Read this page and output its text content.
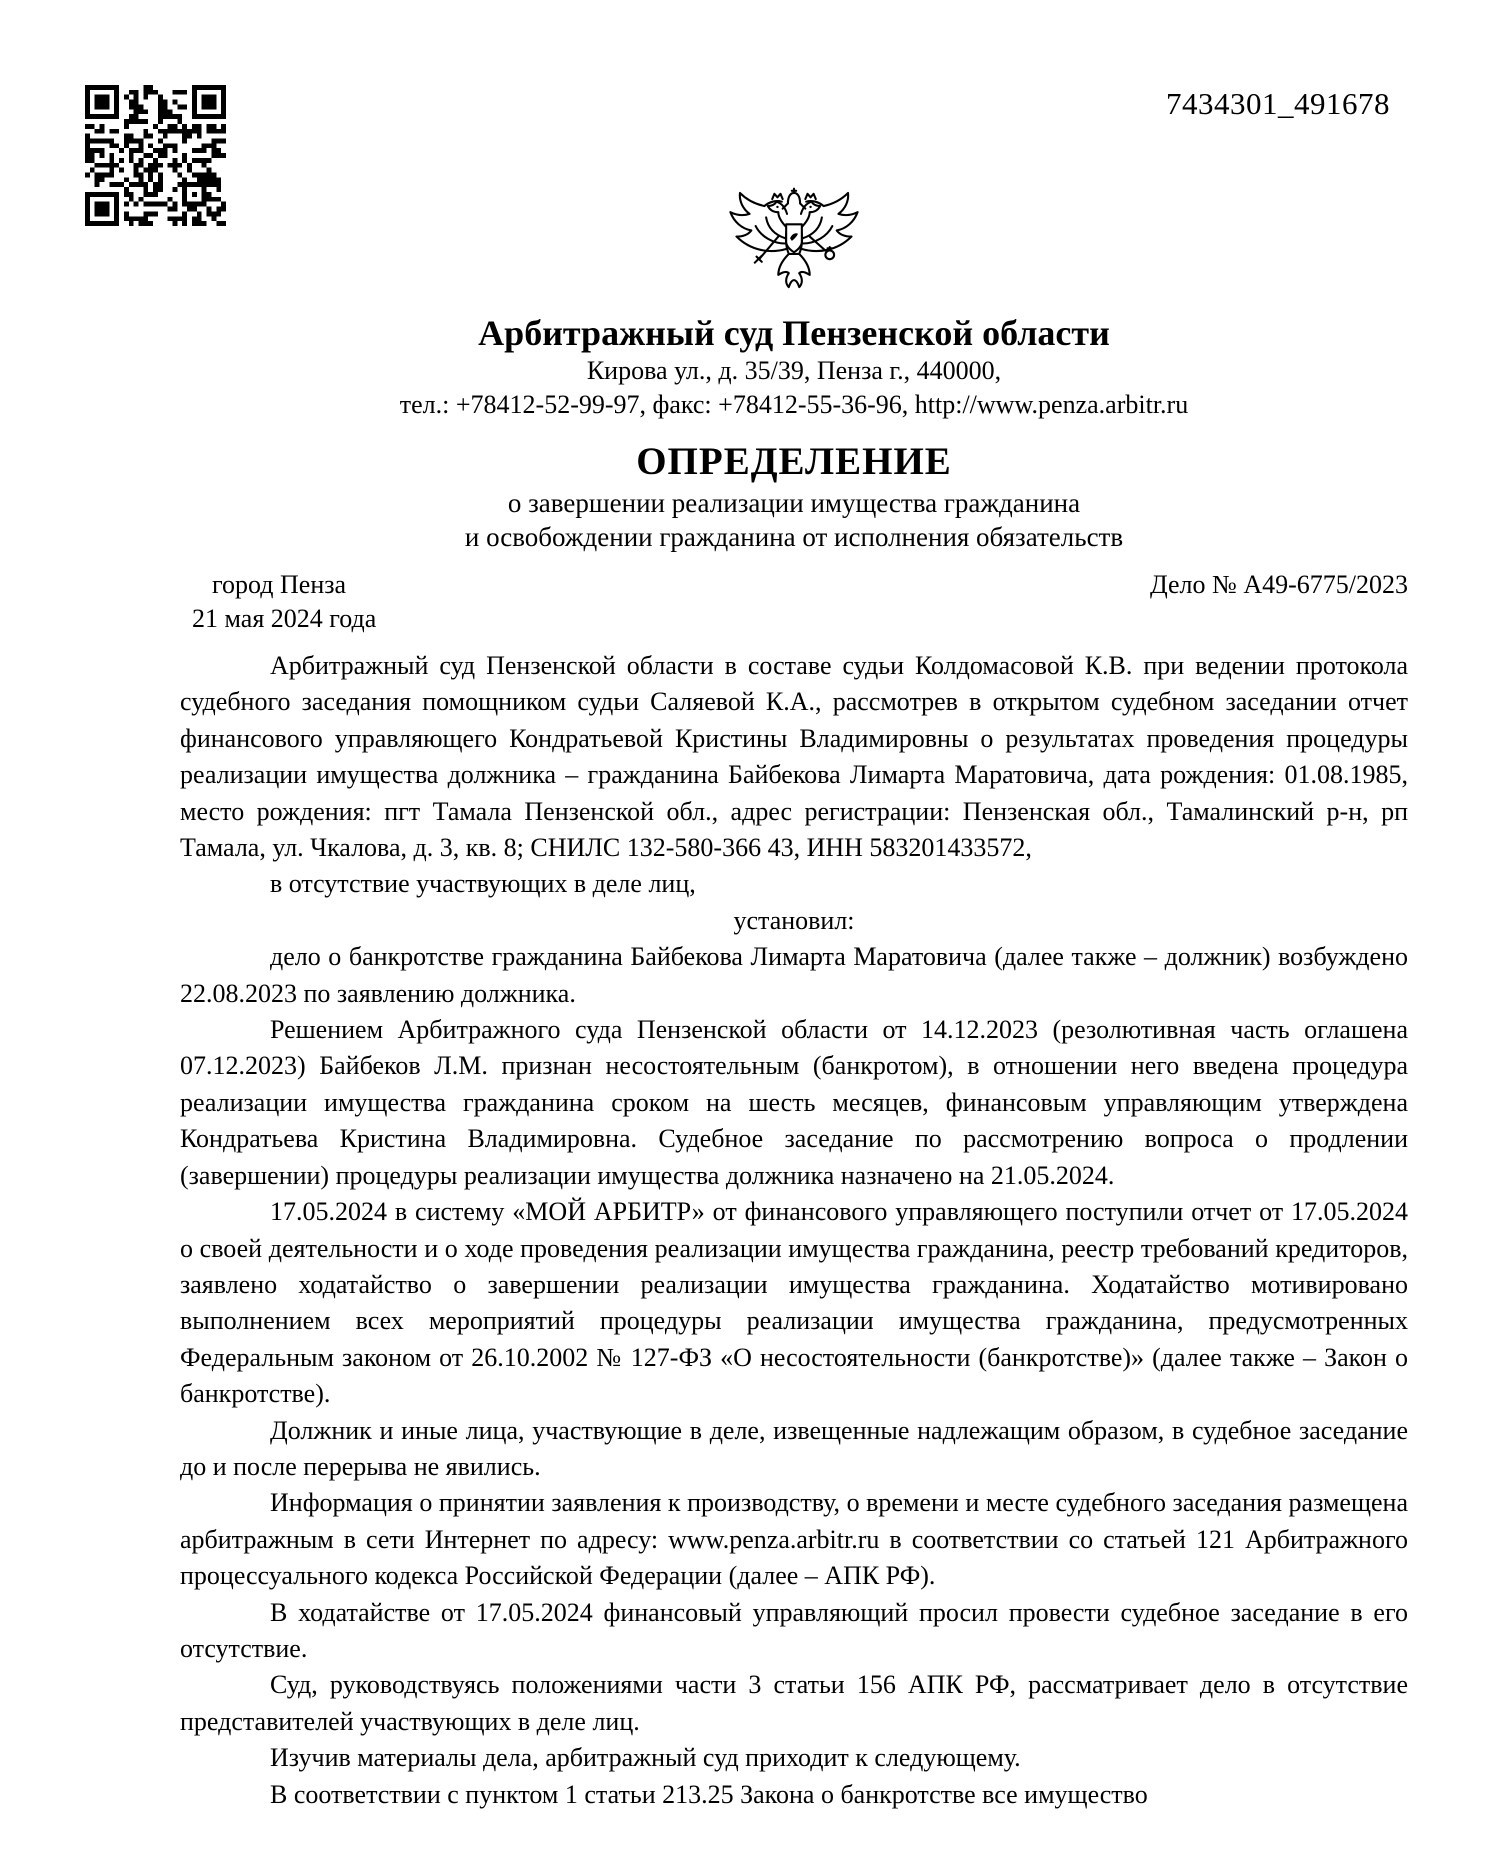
7434301_491678
Арбитражный суд Пензенской области
Кирова ул., д. 35/39, Пенза г., 440000,
тел.: +78412-52-99-97, факс: +78412-55-36-96, http://www.penza.arbitr.ru
ОПРЕДЕЛЕНИЕ
о завершении реализации имущества гражданина
и освобождении гражданина от исполнения обязательств
город Пенза	Дело № А49-6775/2023
21 мая 2024 года

Арбитражный суд Пензенской области в составе судьи Колдомасовой К.В. при ведении протокола судебного заседания помощником судьи Саляевой К.А., рассмотрев в открытом судебном заседании отчет финансового управляющего Кондратьевой Кристины Владимировны о результатах проведения процедуры реализации имущества должника – гражданина Байбекова Лимарта Маратовича, дата рождения: 01.08.1985, место рождения: пгт Тамала Пензенской обл., адрес регистрации: Пензенская обл., Тамалинский р-н, рп Тамала, ул. Чкалова, д. 3, кв. 8; СНИЛС 132-580-366 43, ИНН 583201433572,

в отсутствие участвующих в деле лиц,

установил:

дело о банкротстве гражданина Байбекова Лимарта Маратовича (далее также – должник) возбуждено 22.08.2023 по заявлению должника.

Решением Арбитражного суда Пензенской области от 14.12.2023 (резолютивная часть оглашена 07.12.2023) Байбеков Л.М. признан несостоятельным (банкротом), в отношении него введена процедура реализации имущества гражданина сроком на шесть месяцев, финансовым управляющим утверждена Кондратьева Кристина Владимировна. Судебное заседание по рассмотрению вопроса о продлении (завершении) процедуры реализации имущества должника назначено на 21.05.2024.

17.05.2024 в систему «МОЙ АРБИТР» от финансового управляющего поступили отчет от 17.05.2024 о своей деятельности и о ходе проведения реализации имущества гражданина, реестр требований кредиторов, заявлено ходатайство о завершении реализации имущества гражданина. Ходатайство мотивировано выполнением всех мероприятий процедуры реализации имущества гражданина, предусмотренных Федеральным законом от 26.10.2002 № 127-ФЗ «О несостоятельности (банкротстве)» (далее также – Закон о банкротстве).

Должник и иные лица, участвующие в деле, извещенные надлежащим образом, в судебное заседание до и после перерыва не явились.

Информация о принятии заявления к производству, о времени и месте судебного заседания размещена арбитражным в сети Интернет по адресу: www.penza.arbitr.ru в соответствии со статьей 121 Арбитражного процессуального кодекса Российской Федерации (далее – АПК РФ).

В ходатайстве от 17.05.2024 финансовый управляющий просил провести судебное заседание в его отсутствие.

Суд, руководствуясь положениями части 3 статьи 156 АПК РФ, рассматривает дело в отсутствие представителей участвующих в деле лиц.

Изучив материалы дела, арбитражный суд приходит к следующему.

В соответствии с пунктом 1 статьи 213.25 Закона о банкротстве все имущество
